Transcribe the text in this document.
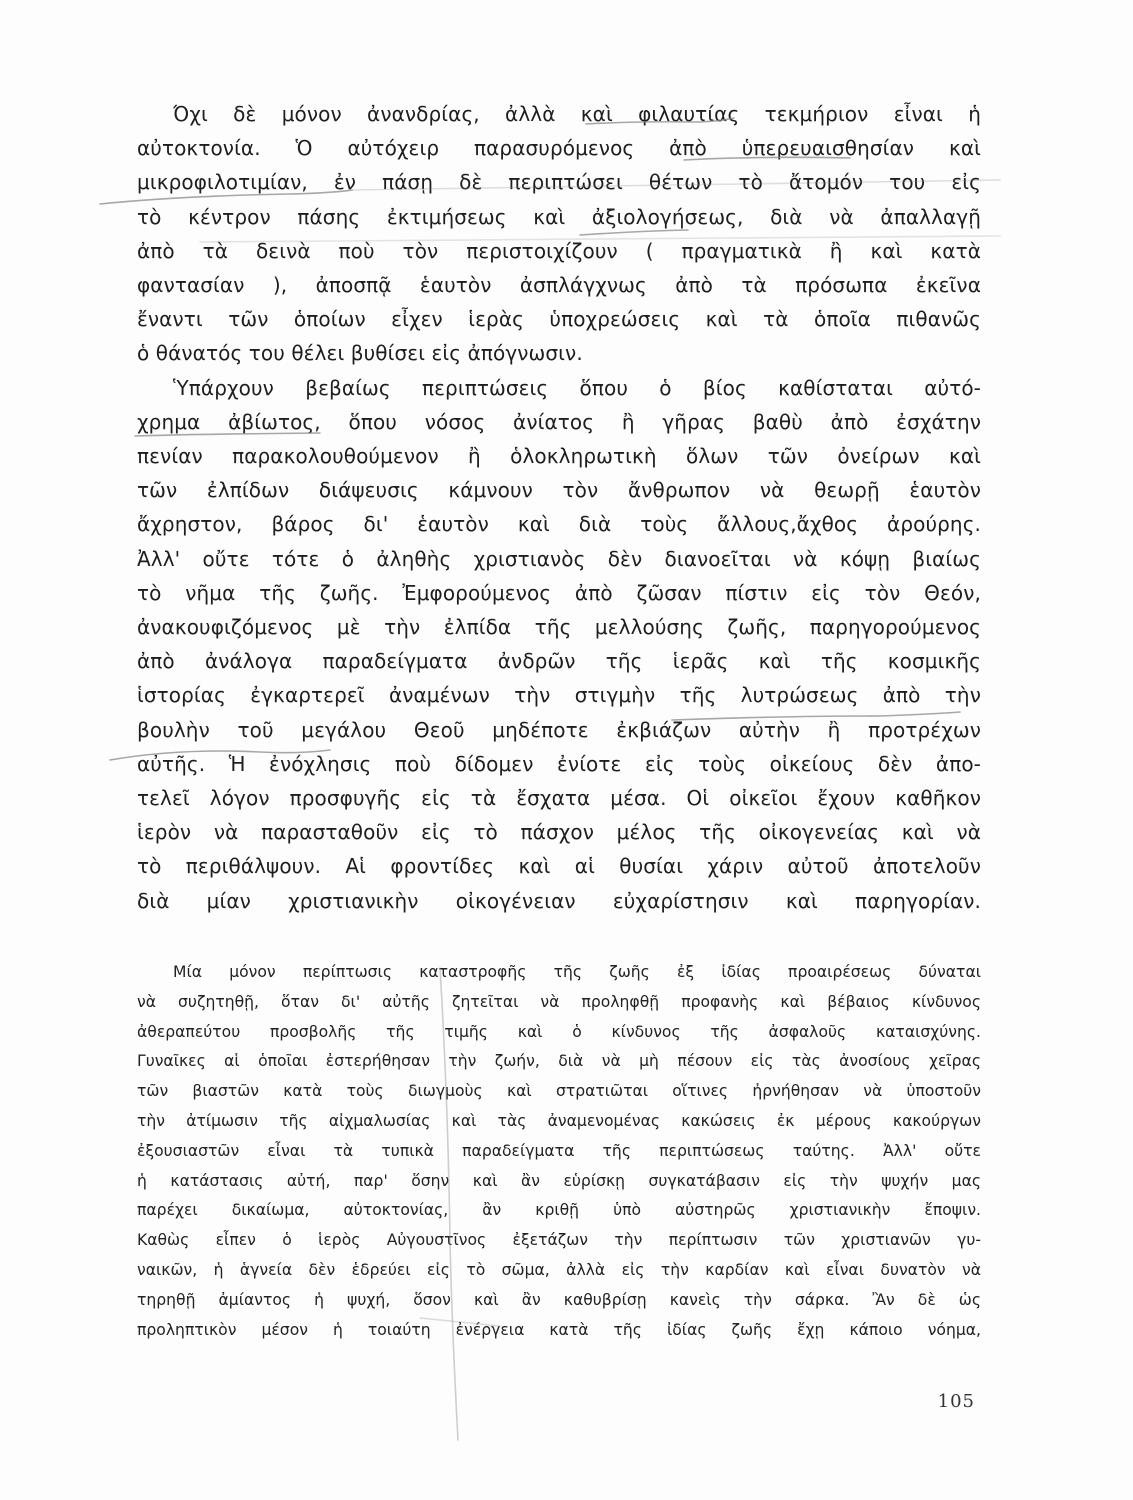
Όχι δὲ μόνον ἀνανδρίας, ἀλλὰ καὶ φιλαυτίας τεκμήριον εἶναι ἡ
αὐτοκτονία. Ὁ αὐτόχειρ παρασυρόμενος ἀπὸ ὑπερευαισθησίαν καὶ
μικροφιλοτιμίαν, ἐν πάσῃ δὲ περιπτώσει θέτων τὸ ἄτομόν του εἰς
τὸ κέντρον πάσης ἐκτιμήσεως καὶ ἀξιολογήσεως, διὰ νὰ ἀπαλλαγῇ
ἀπὸ τὰ δεινὰ ποὺ τὸν περιστοιχίζουν ( πραγματικὰ ἢ καὶ κατὰ
φαντασίαν ), ἀποσπᾷ ἑαυτὸν ἀσπλάγχνως ἀπὸ τὰ πρόσωπα ἐκεῖνα
ἔναντι τῶν ὁποίων εἶχεν ἱερὰς ὑποχρεώσεις καὶ τὰ ὁποῖα πιθανῶς
ὁ θάνατός του θέλει βυθίσει εἰς ἀπόγνωσιν.

Ὑπάρχουν βεβαίως περιπτώσεις ὅπου ὁ βίος καθίσταται αὐτό-
χρημα ἀβίωτος, ὅπου νόσος ἀνίατος ἢ γῆρας βαθὺ ἀπὸ ἐσχάτην
πενίαν παρακολουθούμενον ἢ ὁλοκληρωτικὴ ὅλων τῶν ὀνείρων καὶ
τῶν ἐλπίδων διάψευσις κάμνουν τὸν ἄνθρωπον νὰ θεωρῇ ἑαυτὸν
ἄχρηστον, βάρος δι' ἑαυτὸν καὶ διὰ τοὺς ἄλλους,ἄχθος ἀρούρης.
Ἀλλ' οὔτε τότε ὁ ἀληθὴς χριστιανὸς δὲν διανοεῖται νὰ κόψῃ βιαίως
τὸ νῆμα τῆς ζωῆς. Ἐμφορούμενος ἀπὸ ζῶσαν πίστιν εἰς τὸν Θεόν,
ἀνακουφιζόμενος μὲ τὴν ἐλπίδα τῆς μελλούσης ζωῆς, παρηγορούμενος
ἀπὸ ἀνάλογα παραδείγματα ἀνδρῶν τῆς ἱερᾶς καὶ τῆς κοσμικῆς
ἱστορίας ἐγκαρτερεῖ ἀναμένων τὴν στιγμὴν τῆς λυτρώσεως ἀπὸ τὴν
βουλὴν τοῦ μεγάλου Θεοῦ μηδέποτε ἐκβιάζων αὐτὴν ἢ προτρέχων
αὐτῆς. Ἡ ἐνόχλησις ποὺ δίδομεν ἐνίοτε εἰς τοὺς οἰκείους δὲν ἀπο-
τελεῖ λόγον προσφυγῆς εἰς τὰ ἔσχατα μέσα. Οἱ οἰκεῖοι ἔχουν καθῆκον
ἱερὸν νὰ παρασταθοῦν εἰς τὸ πάσχον μέλος τῆς οἰκογενείας καὶ νὰ
τὸ περιθάλψουν. Αἱ φροντίδες καὶ αἱ θυσίαι χάριν αὐτοῦ ἀποτελοῦν
διὰ μίαν χριστιανικὴν οἰκογένειαν εὐχαρίστησιν καὶ παρηγορίαν.

Μία μόνον περίπτωσις καταστροφῆς τῆς ζωῆς ἐξ ἰδίας προαιρέσεως δύναται
νὰ συζητηθῇ, ὅταν δι' αὐτῆς ζητεῖται νὰ προληφθῇ προφανὴς καὶ βέβαιος κίνδυνος
ἀθεραπεύτου προσβολῆς τῆς τιμῆς καὶ ὁ κίνδυνος τῆς ἀσφαλοῦς καταισχύνης.
Γυναῖκες αἱ ὁποῖαι ἐστερήθησαν τὴν ζωήν, διὰ νὰ μὴ πέσουν εἰς τὰς ἀνοσίους χεῖρας
τῶν βιαστῶν κατὰ τοὺς διωγμοὺς καὶ στρατιῶται οἵτινες ἠρνήθησαν νὰ ὑποστοῦν
τὴν ἀτίμωσιν τῆς αἰχμαλωσίας καὶ τὰς ἀναμενομένας κακώσεις ἐκ μέρους κακούργων
ἐξουσιαστῶν εἶναι τὰ τυπικὰ παραδείγματα τῆς περιπτώσεως ταύτης. Ἀλλ' οὔτε
ἡ κατάστασις αὐτή, παρ' ὅσην καὶ ἂν εὑρίσκῃ συγκατάβασιν εἰς τὴν ψυχήν μας
παρέχει δικαίωμα, αὐτοκτονίας, ἂν κριθῇ ὑπὸ αὐστηρῶς χριστιανικὴν ἔποψιν.
Καθὼς εἶπεν ὁ ἱερὸς Αὐγουστῖνος ἐξετάζων τὴν περίπτωσιν τῶν χριστιανῶν γυ-
ναικῶν, ἡ ἁγνεία δὲν ἑδρεύει εἰς τὸ σῶμα, ἀλλὰ εἰς τὴν καρδίαν καὶ εἶναι δυνατὸν νὰ
τηρηθῇ ἀμίαντος ἡ ψυχή, ὅσον καὶ ἂν καθυβρίσῃ κανεὶς τὴν σάρκα. Ἂν δὲ ὡς
προληπτικὸν μέσον ἡ τοιαύτη ἐνέργεια κατὰ τῆς ἰδίας ζωῆς ἔχῃ κάποιο νόημα,
105
